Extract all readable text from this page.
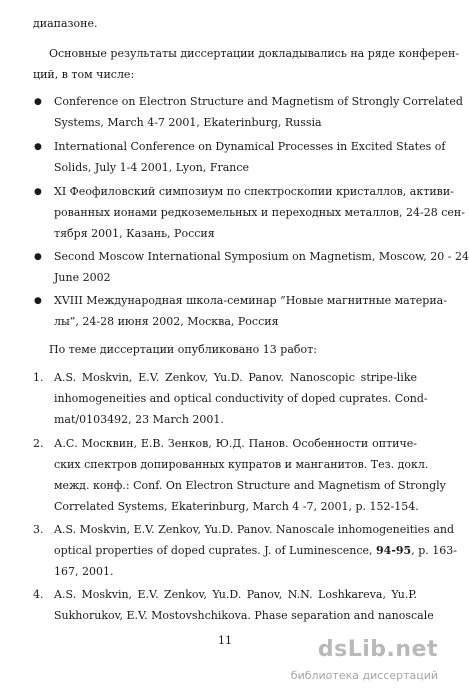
диапазоне.
Основные результаты диссертации докладывались на ряде конферен-
ций, в том числе:
● Conference on Electron Structure and Magnetism of Strongly Correlated
Systems, March 4-7 2001, Ekaterinburg, Russia
● International Conference on Dynamical Processes in Excited States of
Solids, July 1-4 2001, Lyon, France
● XI Феофиловский симпозиум по спектроскопии кристаллов, активи-
рованных ионами редкоземельных и переходных металлов, 24-28 сен-
тября 2001, Казань, Россия
● Second Moscow International Symposium on Magnetism, Moscow, 20 - 24
June 2002
● XVIII Международная школа-семинар ”Новые магнитные материа-
лы”, 24-28 июня 2002, Москва, Россия
По теме диссертации опубликовано 13 работ:
1. A.S. Moskvin, E.V. Zenkov, Yu.D. Panov. Nanoscopic stripe-like
inhomogeneities and optical conductivity of doped cuprates. Cond-
mat/0103492, 23 March 2001.
2. А.С. Москвин, Е.В. Зенков, Ю.Д. Панов. Особенности оптиче-
ских спектров допированных купратов и манганитов. Тез. докл.
межд. конф.: Conf. On Electron Structure and Magnetism of Strongly
Correlated Systems, Ekaterinburg, March 4 -7, 2001, p. 152-154.
3. A.S. Moskvin, E.V. Zenkov, Yu.D. Panov. Nanoscale inhomogeneities and
optical properties of doped cuprates. J. of Luminescence, 94-95, p. 163-
167, 2001.
4. A.S. Moskvin, E.V. Zenkov, Yu.D. Panov, N.N. Loshkareva, Yu.P.
Sukhorukov, E.V. Mostovshchikova. Phase separation and nanoscale
11	dsLib.net
библиотека диссертаций
